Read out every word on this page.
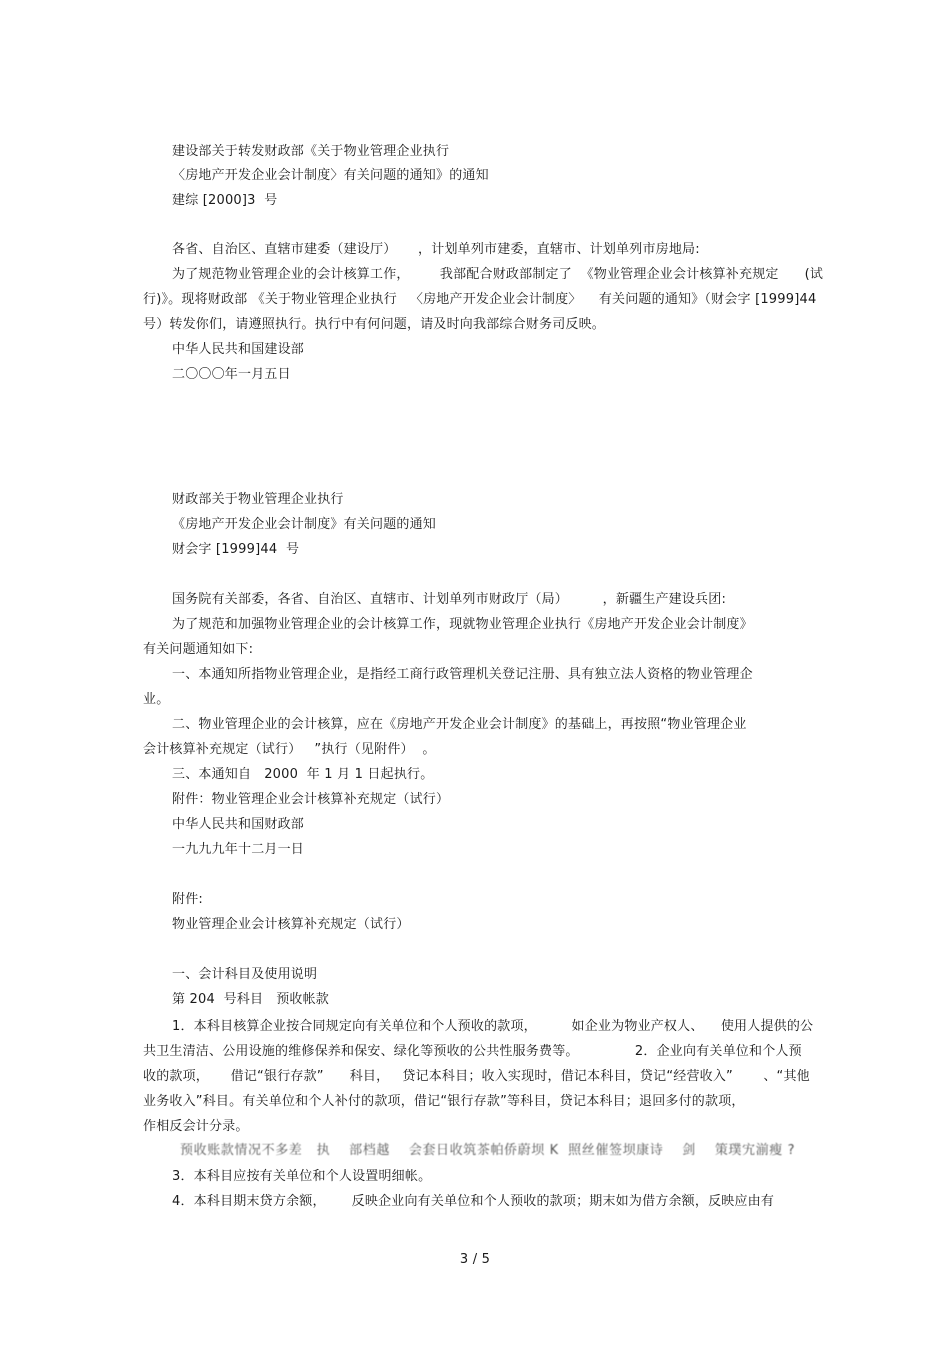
建设部关于转发财政部《关于物业管理企业执行
〈房地产开发企业会计制度〉有关问题的通知》的通知
建综 [2000]3  号
各省、自治区、直辖市建委（建设厅）     ，计划单列市建委，直辖市、计划单列市房地局:
为了规范物业管理企业的会计核算工作，       我部配合财政部制定了  《物业管理企业会计核算补充规定      (试
行)》。现将财政部 《关于物业管理企业执行   〈房地产开发企业会计制度〉    有关问题的通知》（财会字 [1999]44
号）转发你们，请遵照执行。执行中有何问题，请及时向我部综合财务司反映。
中华人民共和国建设部
二〇〇〇年一月五日
财政部关于物业管理企业执行
《房地产开发企业会计制度》有关问题的通知
财会字 [1999]44  号
国务院有关部委，各省、自治区、直辖市、计划单列市财政厅（局）        ，新疆生产建设兵团:
为了规范和加强物业管理企业的会计核算工作，现就物业管理企业执行《房地产开发企业会计制度》
有关问题通知如下:
一、本通知所指物业管理企业，是指经工商行政管理机关登记注册、具有独立法人资格的物业管理企
业。
二、物业管理企业的会计核算，应在《房地产开发企业会计制度》的基础上，再按照“物业管理企业
会计核算补充规定（试行）   ”执行（见附件）  。
三、本通知自   2000  年 1 月 1 日起执行。
附件：物业管理企业会计核算补充规定（试行）
中华人民共和国财政部
一九九九年十二月一日
附件:
物业管理企业会计核算补充规定（试行）
一、会计科目及使用说明
第 204  号科目   预收帐款
1．本科目核算企业按合同规定向有关单位和个人预收的款项，        如企业为物业产权人、    使用人提供的公
共卫生清洁、公用设施的维修保养和保安、绿化等预收的公共性服务费等。             2．企业向有关单位和个人预
收的款项，     借记“银行存款”      科目，   贷记本科目；收入实现时，借记本科目，贷记“经营收入”       、“其他
业务收入”科目。有关单位和个人补付的款项，借记“银行存款”等科目，贷记本科目；退回多付的款项，
作相反会计分录。
预收账款情况不多差   执    部档越    会套日收筑茶帕侨蔚坝 K  照丝催签坝康诗    剑    策璞宄湔瘦 ?
3．本科目应按有关单位和个人设置明细帐。
4．本科目期末贷方余额，      反映企业向有关单位和个人预收的款项；期末如为借方余额，反映应由有
3 / 5
